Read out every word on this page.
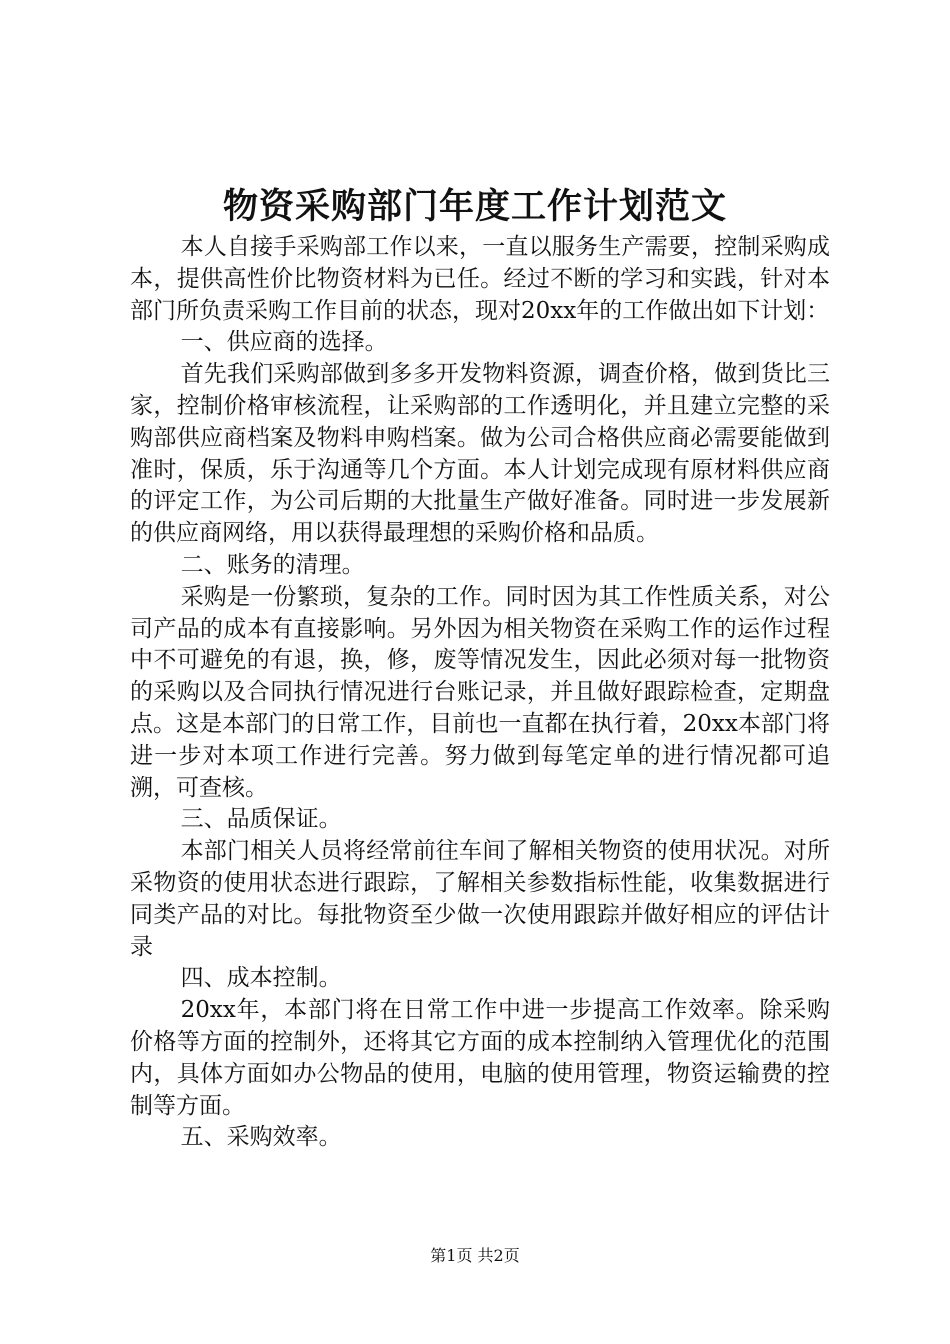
物资采购部门年度工作计划范文

本人自接手采购部工作以来，一直以服务生产需要，控制采购成本，提供高性价比物资材料为已任。经过不断的学习和实践，针对本部门所负责采购工作目前的状态，现对20xx年的工作做出如下计划：

一、供应商的选择。

首先我们采购部做到多多开发物料资源，调查价格，做到货比三家，控制价格审核流程，让采购部的工作透明化，并且建立完整的采购部供应商档案及物料申购档案。做为公司合格供应商必需要能做到准时，保质，乐于沟通等几个方面。本人计划完成现有原材料供应商的评定工作，为公司后期的大批量生产做好准备。同时进一步发展新的供应商网络，用以获得最理想的采购价格和品质。

二、账务的清理。

采购是一份繁琐，复杂的工作。同时因为其工作性质关系，对公司产品的成本有直接影响。另外因为相关物资在采购工作的运作过程中不可避免的有退，换，修，废等情况发生，因此必须对每一批物资的采购以及合同执行情况进行台账记录，并且做好跟踪检查，定期盘点。这是本部门的日常工作，目前也一直都在执行着，20xx本部门将进一步对本项工作进行完善。努力做到每笔定单的进行情况都可追溯，可查核。

三、品质保证。

本部门相关人员将经常前往车间了解相关物资的使用状况。对所采物资的使用状态进行跟踪，了解相关参数指标性能，收集数据进行同类产品的对比。每批物资至少做一次使用跟踪并做好相应的评估计录

四、成本控制。

20xx年，本部门将在日常工作中进一步提高工作效率。除采购价格等方面的控制外，还将其它方面的成本控制纳入管理优化的范围内，具体方面如办公物品的使用，电脑的使用管理，物资运输费的控制等方面。

五、采购效率。

第1页 共2页
